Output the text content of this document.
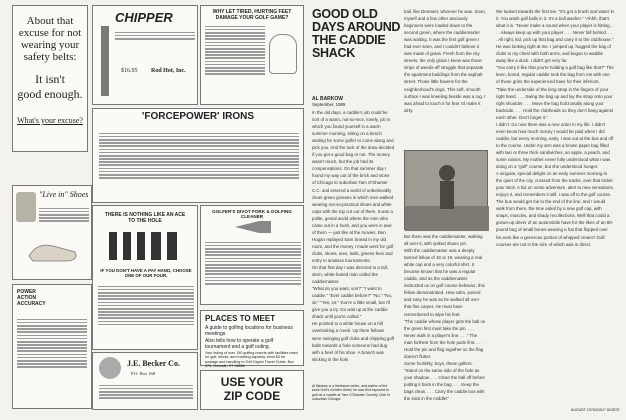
About that
excuse for not
wearing your
safety belts:
It isn't
good enough.
What's your excuse?
"Live in" Shoes
POWER
ACTION
ACCURACY
CHIPPER
Rod Hot, Inc.
$16.95
'FORCEPOWER' IRONS
THERE IS NOTHING LIKE AN ACE
TO THE HOLE
IF YOU DON'T HAVE A PAY HAND, CHOOSE ONE OF OUR FOUR.
J.E. Becker Co.
P.O. Box 168
WHY LET TIRED, HURTING FEET DAMAGE YOUR GOLF GAME?
GOLFER'S DIVOT FORK & GOLFING CLEANER
PLACES TO MEET
A guide to golfing locations for business meetings.
Also tells how to operate a golf tournament and a golf outing.
Your listing of over 150 golfing resorts with facilities rated for golf, tennis, and meeting capacity, send $3 for postage and handling to Golf Digest Travel Guide, Box 475, Norwalk, CT 06856
USE YOUR
ZIP CODE
GOOD OLD DAYS AROUND THE CADDIE SHACK
AL BARKOW
September, 1985

In the old days, a caddie's job could be sort of a warm, not-so-nice, lonely, job in which you found yourself in a warm summer morning, sitting on a bench waiting for some golfer to come along and pick you. And the luck of the draw decided if you got a good bag or not. The money wasn't much, but the job had its compensations. On that summer day I found my way out of the brick and stone of Chicago to suburban Tam O'Shanter C.C. and entered a world of unbelievably clean green grasses in which men walked wearing not-so-practical shoes and white caps with the top cut out of them. It was a polite, genial world where the men who came out in a hush, and you were in awe of them — just like at the movies. Ben Hogan replayed Sam Snead in my old room, and the money I made went for golf clubs, shoes, tees, balls, greens fees and entry to amateur tournaments.

On that first day I was directed to a tall, stern, white-haired man called the caddiemaster.

"What do you want, son?" "I want to caddie." "Ever caddie before?" "No." "No, sir." "Yes, sir." You're a little small, but I'll give you a try. Go wait up at the caddie shack until you're called."

He pointed to a white house on a hill overlooking a creek. Up there fellows were swinging golf clubs and chipping golf balls towards a hole someone had dug with a heel of his shoe. A branch was sticking in the hole.

Al Barkow is a freelance writer, and author of the book Golf's Golden Grind; he was first exposed to golf as a caddie at Tam O'Shanter Country Club in suburban Chicago.

ball, like Demaret, whoever he was. Soon, myself and a few other anxiously beginners were loaded down to the second green, where the caddiemaster was waiting. It was the first golf green I had ever seen, and I couldn't believe it was made of grass. Fresh from the city streets, the only grass I knew was those strips of weeds-off struggle that separate the apartment buildings from the asphalt street. Those little havens for the neighborhood's dogs. This soft, smooth surface I was kneeling beside was a rug. I was afraid to touch it for fear I'd make it dirty.

But there was the caddiemaster, walking all over it, with spiked shoes yet.

With the caddiemaster was a deeply tanned fellow of 18 or 19, wearing a real white cap and a very colorful shirt. It became known that he was a regular caddie, and as the caddiemaster instructed us on golf course behavior, this fellow demonstrated. How calm, poised and easy he was as he walked all over that fine carpet. He must have remembered to wipe his feet.

"The caddie whose player gets the ball on the green first must take the pin. . . . Never walk in a player's line. . . ." The man furthest from the hole putts first. . . . Hold the pin and flag together so the flag doesn't flutter.

Some foolishly, boys, these golfers. "Stand on the same side of the hole as your shadow. . . . Clean the ball off before putting it back in the bag. . . . Keep the bags clean. . . . Carry the caddie box with the stick in the middle!"

We looked towards the first tee. "It's got a brush and water in it. You wash golf balls in it. It's a ball washer." "Ahhh, that's what it is. "Never make a sound when your player is hitting. . . . Always keep up with your player. . . . Never fall behind. . . . All right, kid, pick up that bag and carry it to the clubhouse."

He was looking right at me. I jumped up, hugged the bag of clubs to my chest with both arms, and began to waddle away like a duck. I didn't get very far.

"You carry it like that you're holding a golf bag like that?" The keen, bored, regular caddie took the bag from me with one of those grins the experienced have for their inferiors.

"Take the underside of the long strap in the fingers of your right hand. . . . Swing the bag up and lay the strap onto your right shoulder. . . . Move the bag horizontally along your backside. . . . Hold the clubheads so they don't bang against each other. Don't forget it."

I didn't. Go now there was a new order in my life. I didn't even know how much money I would be paid when I did caddie, but every morning, early, I was out at the bus and off to the course. Under my arm was a brown paper bag filled with two or three thick sandwiches, an apple, a peach, and some raisins. My mother never fully understood what I was doing on a "golf" course, but she understood hunger.

A singular, special delight on an early summer morning in the quiet of the city, crossed from the tracks, over that trickle pour stick. A kid on some adventure, alert to new sensations, enjoys it, and remembers it still. I was off to the golf course. The bus would get me to the end of the line, and I would walk from there, the time aided by a new golf cap, with snaps, muscles, and shady recollections. Well that could a grown-up driver of an automobile have for the likes of an 80-pound bag of small bones wearing a hat that flopped over his ears like a generous portion of whipped cream? Golf courses are not in the size of which was in direct.

AUGUST 1976/GOLF DIGEST
